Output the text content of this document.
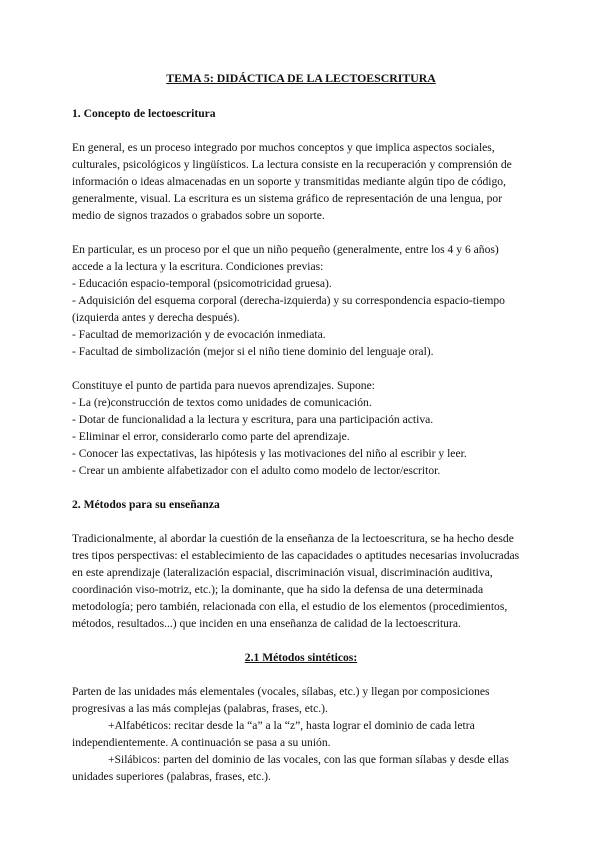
TEMA 5: DIDÁCTICA DE LA LECTOESCRITURA
1. Concepto de lectoescritura

En general, es un proceso integrado por muchos conceptos y que implica aspectos sociales, culturales, psicológicos y lingüísticos. La lectura consiste en la recuperación y comprensión de información o ideas almacenadas en un soporte y transmitidas mediante algún tipo de código, generalmente, visual. La escritura es un sistema gráfico de representación de una lengua, por medio de signos trazados o grabados sobre un soporte.

En particular, es un proceso por el que un niño pequeño (generalmente, entre los 4 y 6 años) accede a la lectura y la escritura. Condiciones previas:

- Educación espacio-temporal (psicomotricidad gruesa).
- Adquisición del esquema corporal (derecha-izquierda) y su correspondencia espacio-tiempo (izquierda antes y derecha después).
- Facultad de memorización y de evocación inmediata.
- Facultad de simbolización (mejor si el niño tiene dominio del lenguaje oral).
Constituye el punto de partida para nuevos aprendizajes. Supone:
- La (re)construcción de textos como unidades de comunicación.
- Dotar de funcionalidad a la lectura y escritura, para una participación activa.
- Eliminar el error, considerarlo como parte del aprendizaje.
- Conocer las expectativas, las hipótesis y las motivaciones del niño al escribir y leer.
- Crear un ambiente alfabetizador con el adulto como modelo de lector/escritor.
2. Métodos para su enseñanza

Tradicionalmente, al abordar la cuestión de la enseñanza de la lectoescritura, se ha hecho desde tres tipos perspectivas: el establecimiento de las capacidades o aptitudes necesarias involucradas en este aprendizaje (lateralización espacial, discriminación visual, discriminación auditiva, coordinación viso-motriz, etc.); la dominante, que ha sido la defensa de una determinada metodología; pero también, relacionada con ella, el estudio de los elementos (procedimientos, métodos, resultados...) que inciden en una enseñanza de calidad de la lectoescritura.

2.1 Métodos sintéticos:
Parten de las unidades más elementales (vocales, sílabas, etc.) y llegan por composiciones progresivas a las más complejas (palabras, frases, etc.).
+Alfabéticos: recitar desde la “a” a la “z”, hasta lograr el dominio de cada letra independientemente. A continuación se pasa a su unión.
+Silábicos: parten del dominio de las vocales, con las que forman sílabas y desde ellas unidades superiores (palabras, frases, etc.).
